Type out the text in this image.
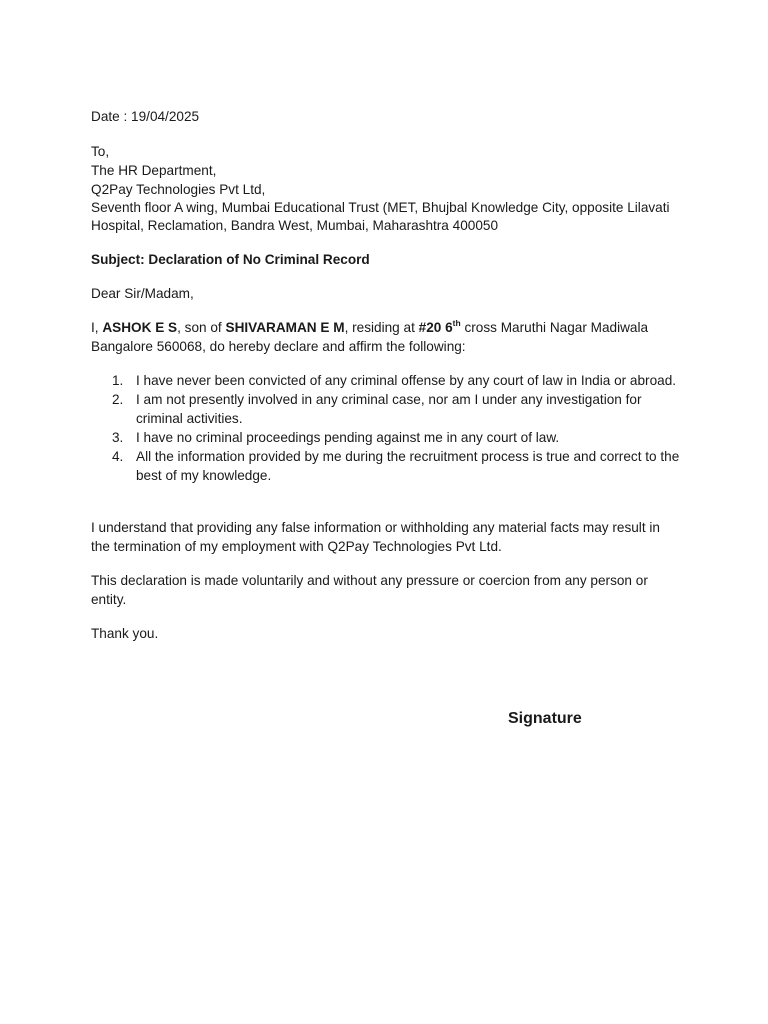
Date : 19/04/2025
To,
The HR Department,
Q2Pay Technologies Pvt Ltd,
Seventh floor A wing, Mumbai Educational Trust (MET, Bhujbal Knowledge City, opposite Lilavati
Hospital, Reclamation, Bandra West, Mumbai, Maharashtra 400050
Subject: Declaration of No Criminal Record
Dear Sir/Madam,
I, ASHOK E S, son of SHIVARAMAN E M, residing at #20 6th cross Maruthi Nagar Madiwala
Bangalore 560068, do hereby declare and affirm the following:
1. I have never been convicted of any criminal offense by any court of law in India or abroad.
2. I am not presently involved in any criminal case, nor am I under any investigation for criminal activities.
3. I have no criminal proceedings pending against me in any court of law.
4. All the information provided by me during the recruitment process is true and correct to the best of my knowledge.
I understand that providing any false information or withholding any material facts may result in
the termination of my employment with Q2Pay Technologies Pvt Ltd.
This declaration is made voluntarily and without any pressure or coercion from any person or
entity.
Thank you.
Signature
